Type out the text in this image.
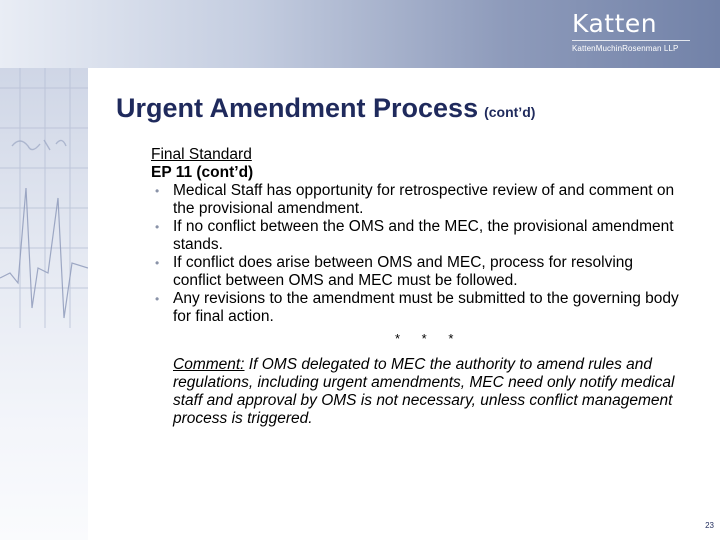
Katten
KattenMuchinRosenman LLP
Urgent Amendment Process (cont’d)
Final Standard
EP 11 (cont’d)
• Medical Staff has opportunity for retrospective review of and comment on the provisional amendment.
• If no conflict between the OMS and the MEC, the provisional amendment stands.
• If conflict does arise between OMS and MEC, process for resolving conflict between OMS and MEC must be followed.
• Any revisions to the amendment must be submitted to the governing body for final action.
* * *
Comment: If OMS delegated to MEC the authority to amend rules and regulations, including urgent amendments, MEC need only notify medical staff and approval by OMS is not necessary, unless conflict management process is triggered.
23
